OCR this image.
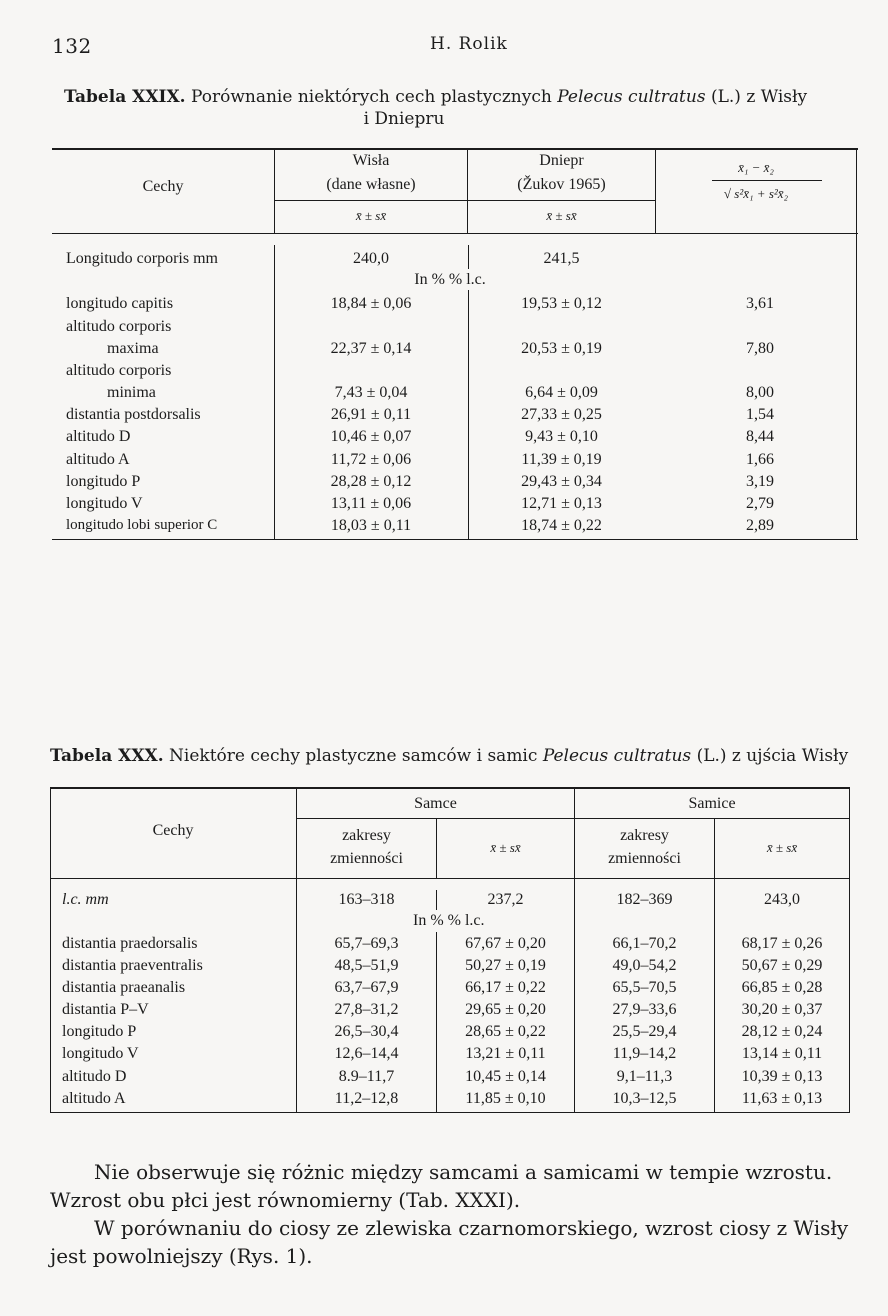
132	H. Rolik
Tabela XXIX. Porównanie niektórych cech plastycznych Pelecus cultratus (L.) z Wisły
i Dniepru
Cechy
Wisła
(dane własne)
Dniepr
(Žukov 1965)
x̄ ± sx̄	x̄ ± sx̄
x̄₁ − x̄₂
√ s²x̄₁ + s²x̄₂
Longitudo corporis mm	240,0	241,5
In % % l.c.
longitudo capitis	18,84 ± 0,06	19,53 ± 0,12	3,61
altitudo corporis
maxima	22,37 ± 0,14	20,53 ± 0,19	7,80
altitudo corporis
minima	7,43 ± 0,04	6,64 ± 0,09	8,00
distantia postdorsalis	26,91 ± 0,11	27,33 ± 0,25	1,54
altitudo D	10,46 ± 0,07	9,43 ± 0,10	8,44
altitudo A	11,72 ± 0,06	11,39 ± 0,19	1,66
longitudo P	28,28 ± 0,12	29,43 ± 0,34	3,19
longitudo V	13,11 ± 0,06	12,71 ± 0,13	2,79
longitudo lobi superior C	18,03 ± 0,11	18,74 ± 0,22	2,89
Tabela XXX. Niektóre cechy plastyczne samców i samic Pelecus cultratus (L.) z ujścia Wisły
Cechy
Samce	Samice
zakresy
zmienności
x̄ ± sx̄
zakresy
zmienności
x̄ ± sx̄
l.c. mm	163–318	237,2	182–369	243,0
In % % l.c.
distantia praedorsalis	65,7–69,3	67,67 ± 0,20	66,1–70,2	68,17 ± 0,26
distantia praeventralis	48,5–51,9	50,27 ± 0,19	49,0–54,2	50,67 ± 0,29
distantia praeanalis	63,7–67,9	66,17 ± 0,22	65,5–70,5	66,85 ± 0,28
distantia P–V	27,8–31,2	29,65 ± 0,20	27,9–33,6	30,20 ± 0,37
longitudo P	26,5–30,4	28,65 ± 0,22	25,5–29,4	28,12 ± 0,24
longitudo V	12,6–14,4	13,21 ± 0,11	11,9–14,2	13,14 ± 0,11
altitudo D	8.9–11,7	10,45 ± 0,14	9,1–11,3	10,39 ± 0,13
altitudo A	11,2–12,8	11,85 ± 0,10	10,3–12,5	11,63 ± 0,13
Nie obserwuje się różnic między samcami a samicami w tempie wzrostu.
Wzrost obu płci jest równomierny (Tab. XXXI).
W porównaniu do ciosy ze zlewiska czarnomorskiego, wzrost ciosy z Wisły
jest powolniejszy (Rys. 1).
